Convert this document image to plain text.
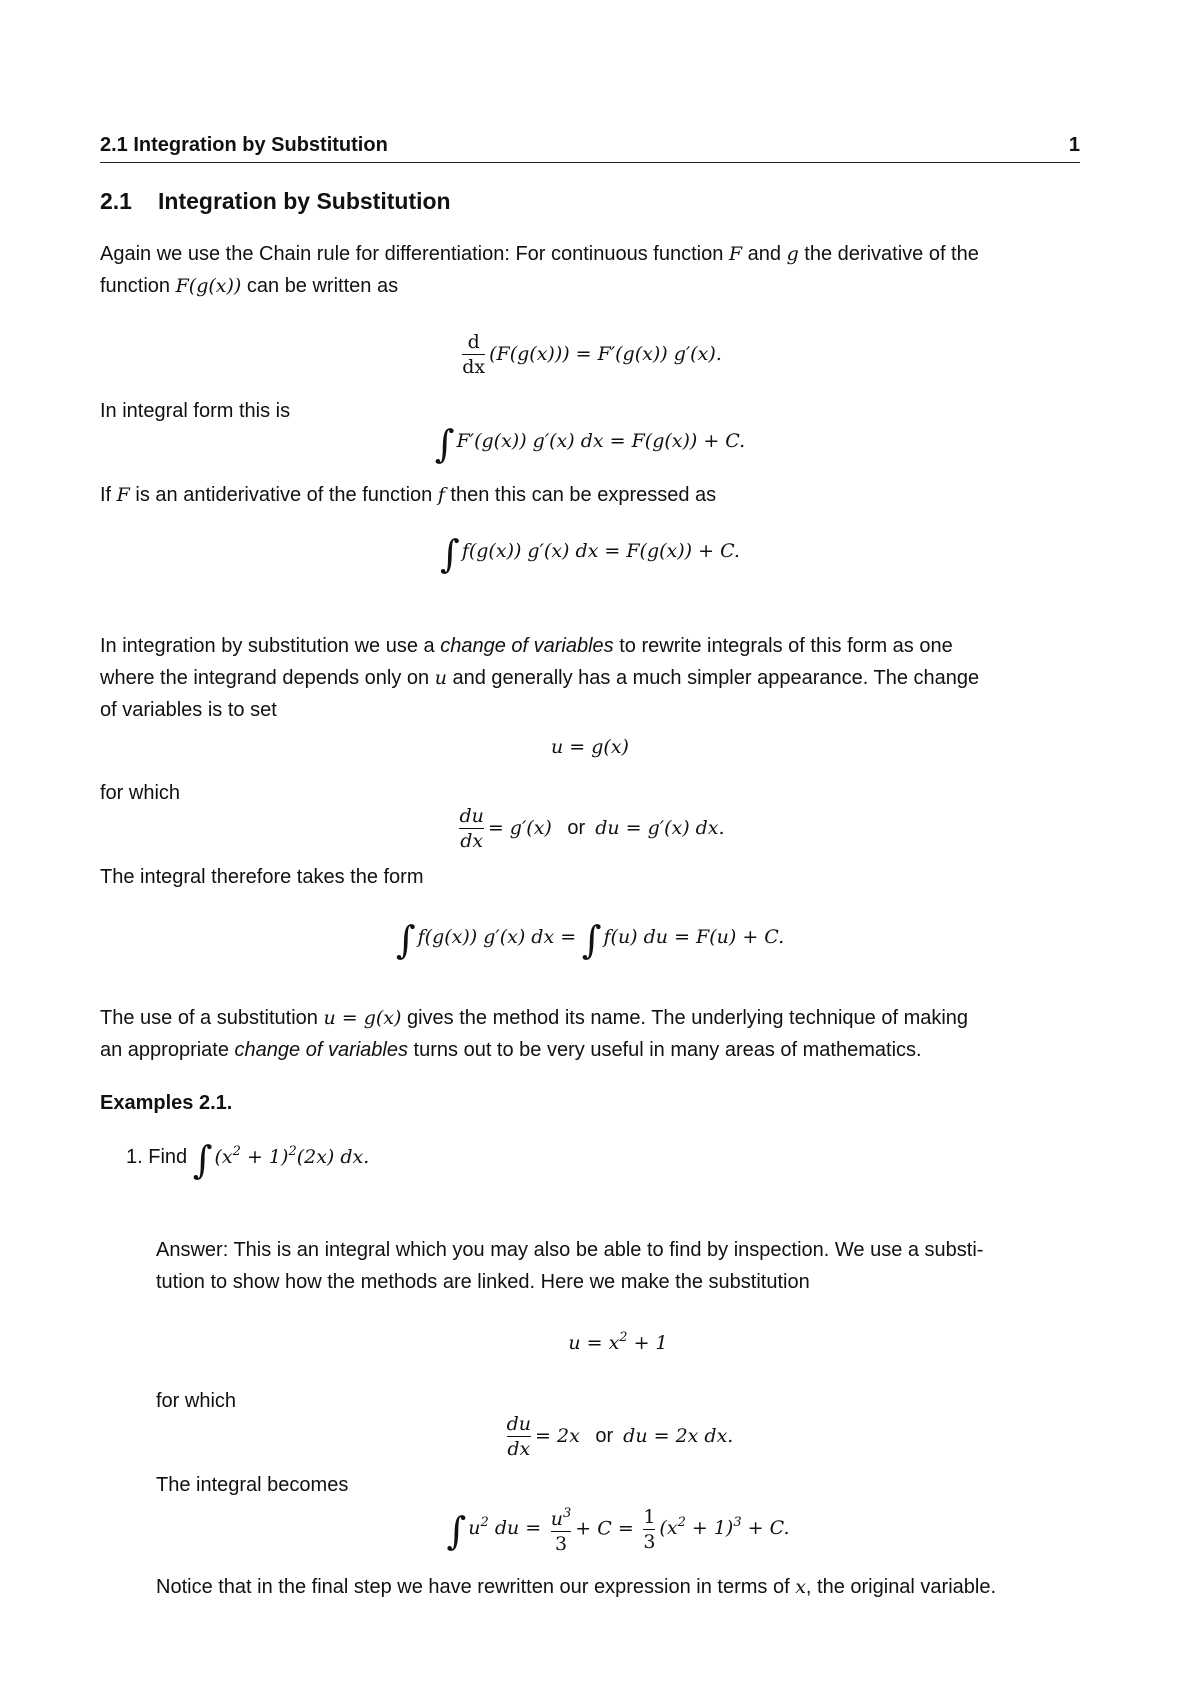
2.1 Integration by Substitution	1
2.1 Integration by Substitution
Again we use the Chain rule for differentiation: For continuous function F and g the derivative of the
function F(g(x)) can be written as
$\frac{d}{dx} (F(g(x))) = F'(g(x))$ g′(x).
In integral form this is
∫ F′(g(x)) g′(x) dx = F(g(x)) + C.
If F is an antiderivative of the function f then this can be expressed as
∫ f(g(x)) g′(x) dx = F(g(x)) + C.
In integration by substitution we use a change of variables to rewrite integrals of this form as one
where the integrand depends only on u and generally has a much simpler appearance. The change
of variables is to set
u = g(x)
for which
$\frac{du}{dx} = g'(x)$ or du = g′(x) dx.
The integral therefore takes the form
∫ f(g(x)) g′(x) dx = ∫ f(u) du = F(u) + C.
The use of a substitution u = g(x) gives the method its name. The underlying technique of making
an appropriate change of variables turns out to be very useful in many areas of mathematics.
Examples 2.1.
1. Find ∫ $(x^2 + 1)^2(2x)$ dx.
Answer: This is an integral which you may also be able to find by inspection. We use a substi-
tution to show how the methods are linked. Here we make the substitution
$u = x^2 + 1$
for which
$\frac{du}{dx} = 2x$ or du = 2x dx.
The integral becomes
∫ $u^2$ du = $\frac{u^3}{3} + C = \frac{1}{3} (x^2 + 1)^3 + C$.
Notice that in the final step we have rewritten our expression in terms of x, the original variable.
